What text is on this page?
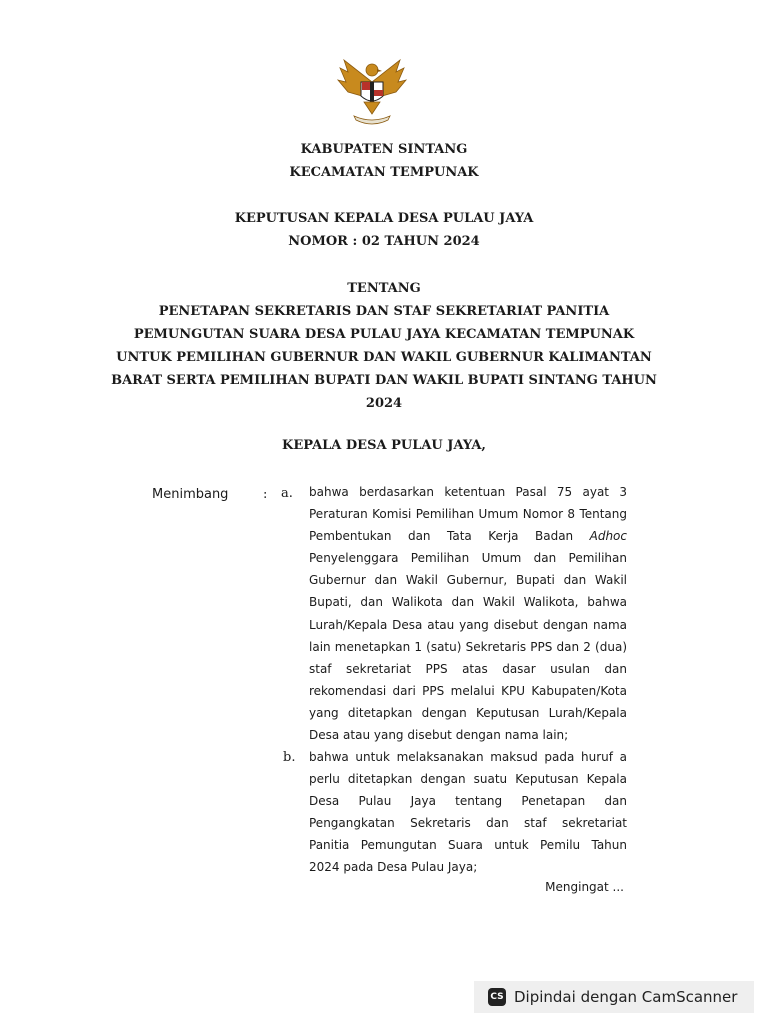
KABUPATEN SINTANG
KECAMATAN TEMPUNAK
KEPUTUSAN KEPALA DESA PULAU JAYA
NOMOR : 02 TAHUN 2024
TENTANG
PENETAPAN SEKRETARIS DAN STAF SEKRETARIAT PANITIA
PEMUNGUTAN SUARA DESA PULAU JAYA KECAMATAN TEMPUNAK
UNTUK PEMILIHAN GUBERNUR DAN WAKIL GUBERNUR KALIMANTAN
BARAT SERTA PEMILIHAN BUPATI DAN WAKIL BUPATI SINTANG TAHUN
2024
KEPALA DESA PULAU JAYA,
Menimbang	: a. bahwa berdasarkan ketentuan Pasal 75 ayat 3
Peraturan Komisi Pemilihan Umum Nomor 8 Tentang
Pembentukan dan Tata Kerja Badan Adhoc
Penyelenggara Pemilihan Umum dan Pemilihan
Gubernur dan Wakil Gubernur, Bupati dan Wakil
Bupati, dan Walikota dan Wakil Walikota, bahwa
Lurah/Kepala Desa atau yang disebut dengan nama
lain menetapkan 1 (satu) Sekretaris PPS dan 2 (dua)
staf sekretariat PPS atas dasar usulan dan
rekomendasi dari PPS melalui KPU Kabupaten/Kota
yang ditetapkan dengan Keputusan Lurah/Kepala
Desa atau yang disebut dengan nama lain;
b. bahwa untuk melaksanakan maksud pada huruf a
perlu ditetapkan dengan suatu Keputusan Kepala
Desa Pulau Jaya tentang Penetapan dan
Pengangkatan Sekretaris dan staf sekretariat
Panitia Pemungutan Suara untuk Pemilu Tahun
2024 pada Desa Pulau Jaya;
Mengingat ...
CS Dipindai dengan CamScanner
